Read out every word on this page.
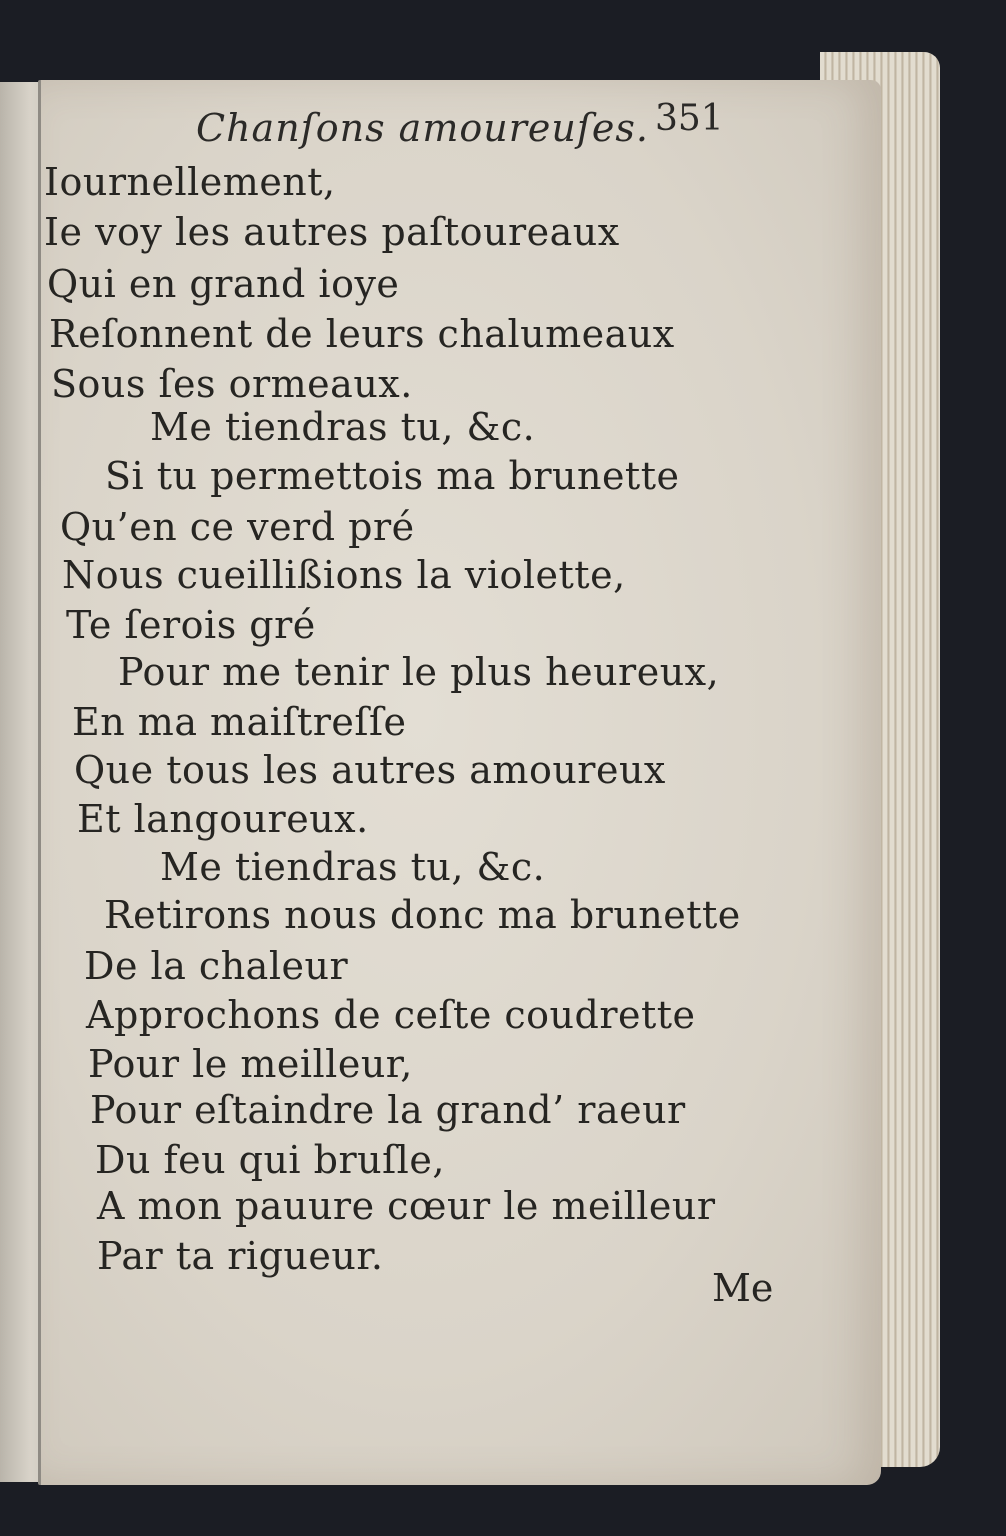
Chanſons amoureuſes. 351
Iournellement,
Ie voy les autres paſtoureaux
Qui en grand ioye
Reſonnent de leurs chalumeaux
Sous ſes ormeaux.
Me tiendras tu, &c.
Si tu permettois ma brunette
Qu’en ce verd pré
Nous cueillißions la violette,
Te ſerois gré
Pour me tenir le plus heureux,
En ma maiſtreſſe
Que tous les autres amoureux
Et langoureux.
Me tiendras tu, &c.
Retirons nous donc ma brunette
De la chaleur
Approchons de ceſte coudrette
Pour le meilleur,
Pour eſtaindre la grand’ raeur
Du feu qui bruſle,
A mon pauure cœur le meilleur
Par ta rigueur.
Me
